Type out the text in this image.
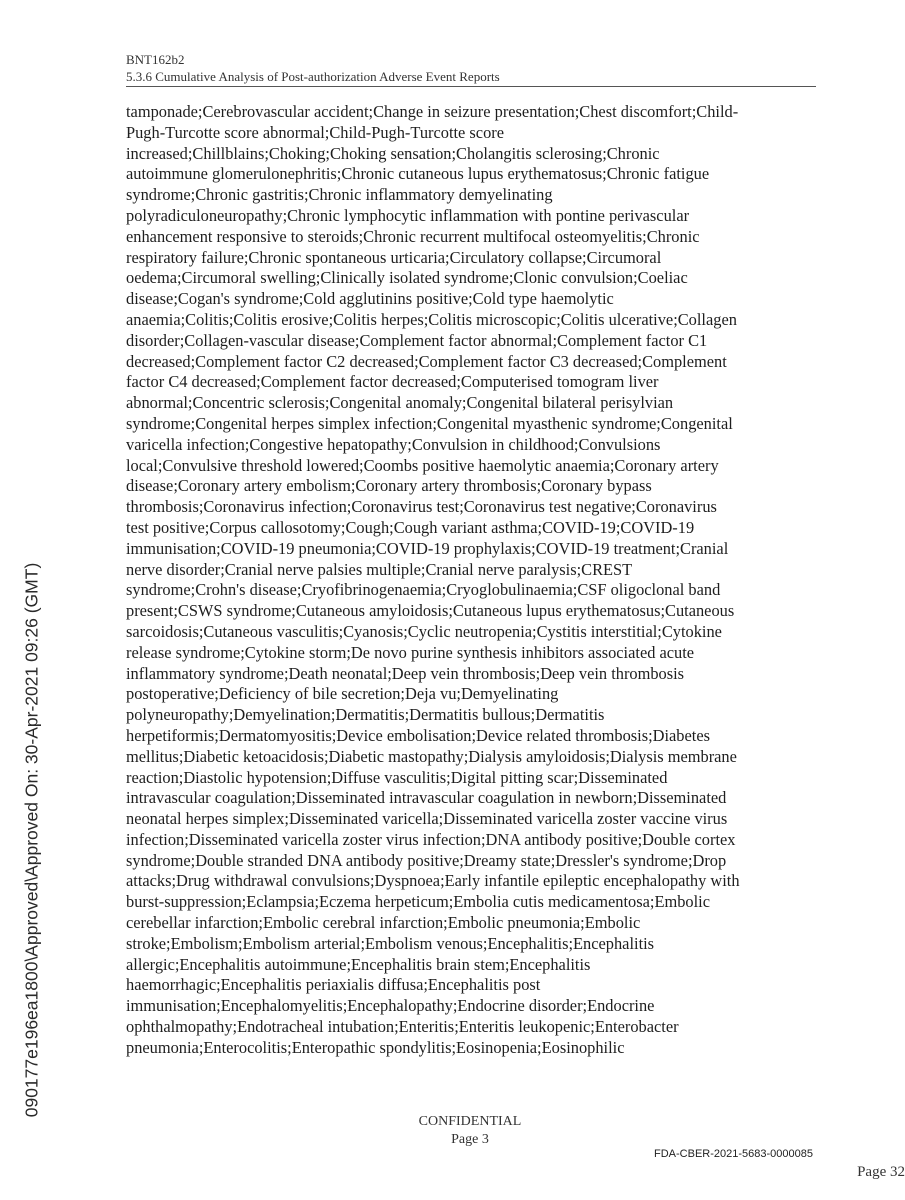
BNT162b2
5.3.6 Cumulative Analysis of Post-authorization Adverse Event Reports
tamponade;Cerebrovascular accident;Change in seizure presentation;Chest discomfort;Child-
Pugh-Turcotte score abnormal;Child-Pugh-Turcotte score
increased;Chillblains;Choking;Choking sensation;Cholangitis sclerosing;Chronic
autoimmune glomerulonephritis;Chronic cutaneous lupus erythematosus;Chronic fatigue
syndrome;Chronic gastritis;Chronic inflammatory demyelinating
polyradiculoneuropathy;Chronic lymphocytic inflammation with pontine perivascular
enhancement responsive to steroids;Chronic recurrent multifocal osteomyelitis;Chronic
respiratory failure;Chronic spontaneous urticaria;Circulatory collapse;Circumoral
oedema;Circumoral swelling;Clinically isolated syndrome;Clonic convulsion;Coeliac
disease;Cogan's syndrome;Cold agglutinins positive;Cold type haemolytic
anaemia;Colitis;Colitis erosive;Colitis herpes;Colitis microscopic;Colitis ulcerative;Collagen
disorder;Collagen-vascular disease;Complement factor abnormal;Complement factor C1
decreased;Complement factor C2 decreased;Complement factor C3 decreased;Complement
factor C4 decreased;Complement factor decreased;Computerised tomogram liver
abnormal;Concentric sclerosis;Congenital anomaly;Congenital bilateral perisylvian
syndrome;Congenital herpes simplex infection;Congenital myasthenic syndrome;Congenital
varicella infection;Congestive hepatopathy;Convulsion in childhood;Convulsions
local;Convulsive threshold lowered;Coombs positive haemolytic anaemia;Coronary artery
disease;Coronary artery embolism;Coronary artery thrombosis;Coronary bypass
thrombosis;Coronavirus infection;Coronavirus test;Coronavirus test negative;Coronavirus
test positive;Corpus callosotomy;Cough;Cough variant asthma;COVID-19;COVID-19
immunisation;COVID-19 pneumonia;COVID-19 prophylaxis;COVID-19 treatment;Cranial
nerve disorder;Cranial nerve palsies multiple;Cranial nerve paralysis;CREST
syndrome;Crohn's disease;Cryofibrinogenaemia;Cryoglobulinaemia;CSF oligoclonal band
present;CSWS syndrome;Cutaneous amyloidosis;Cutaneous lupus erythematosus;Cutaneous
sarcoidosis;Cutaneous vasculitis;Cyanosis;Cyclic neutropenia;Cystitis interstitial;Cytokine
release syndrome;Cytokine storm;De novo purine synthesis inhibitors associated acute
inflammatory syndrome;Death neonatal;Deep vein thrombosis;Deep vein thrombosis
postoperative;Deficiency of bile secretion;Deja vu;Demyelinating
polyneuropathy;Demyelination;Dermatitis;Dermatitis bullous;Dermatitis
herpetiformis;Dermatomyositis;Device embolisation;Device related thrombosis;Diabetes
mellitus;Diabetic ketoacidosis;Diabetic mastopathy;Dialysis amyloidosis;Dialysis membrane
reaction;Diastolic hypotension;Diffuse vasculitis;Digital pitting scar;Disseminated
intravascular coagulation;Disseminated intravascular coagulation in newborn;Disseminated
neonatal herpes simplex;Disseminated varicella;Disseminated varicella zoster vaccine virus
infection;Disseminated varicella zoster virus infection;DNA antibody positive;Double cortex
syndrome;Double stranded DNA antibody positive;Dreamy state;Dressler's syndrome;Drop
attacks;Drug withdrawal convulsions;Dyspnoea;Early infantile epileptic encephalopathy with
burst-suppression;Eclampsia;Eczema herpeticum;Embolia cutis medicamentosa;Embolic
cerebellar infarction;Embolic cerebral infarction;Embolic pneumonia;Embolic
stroke;Embolism;Embolism arterial;Embolism venous;Encephalitis;Encephalitis
allergic;Encephalitis autoimmune;Encephalitis brain stem;Encephalitis
haemorrhagic;Encephalitis periaxialis diffusa;Encephalitis post
immunisation;Encephalomyelitis;Encephalopathy;Endocrine disorder;Endocrine
ophthalmopathy;Endotracheal intubation;Enteritis;Enteritis leukopenic;Enterobacter
pneumonia;Enterocolitis;Enteropathic spondylitis;Eosinopenia;Eosinophilic
CONFIDENTIAL
Page 3
FDA-CBER-2021-5683-0000085
Page 32
090177e196ea1800\Approved\Approved On: 30-Apr-2021 09:26 (GMT)
